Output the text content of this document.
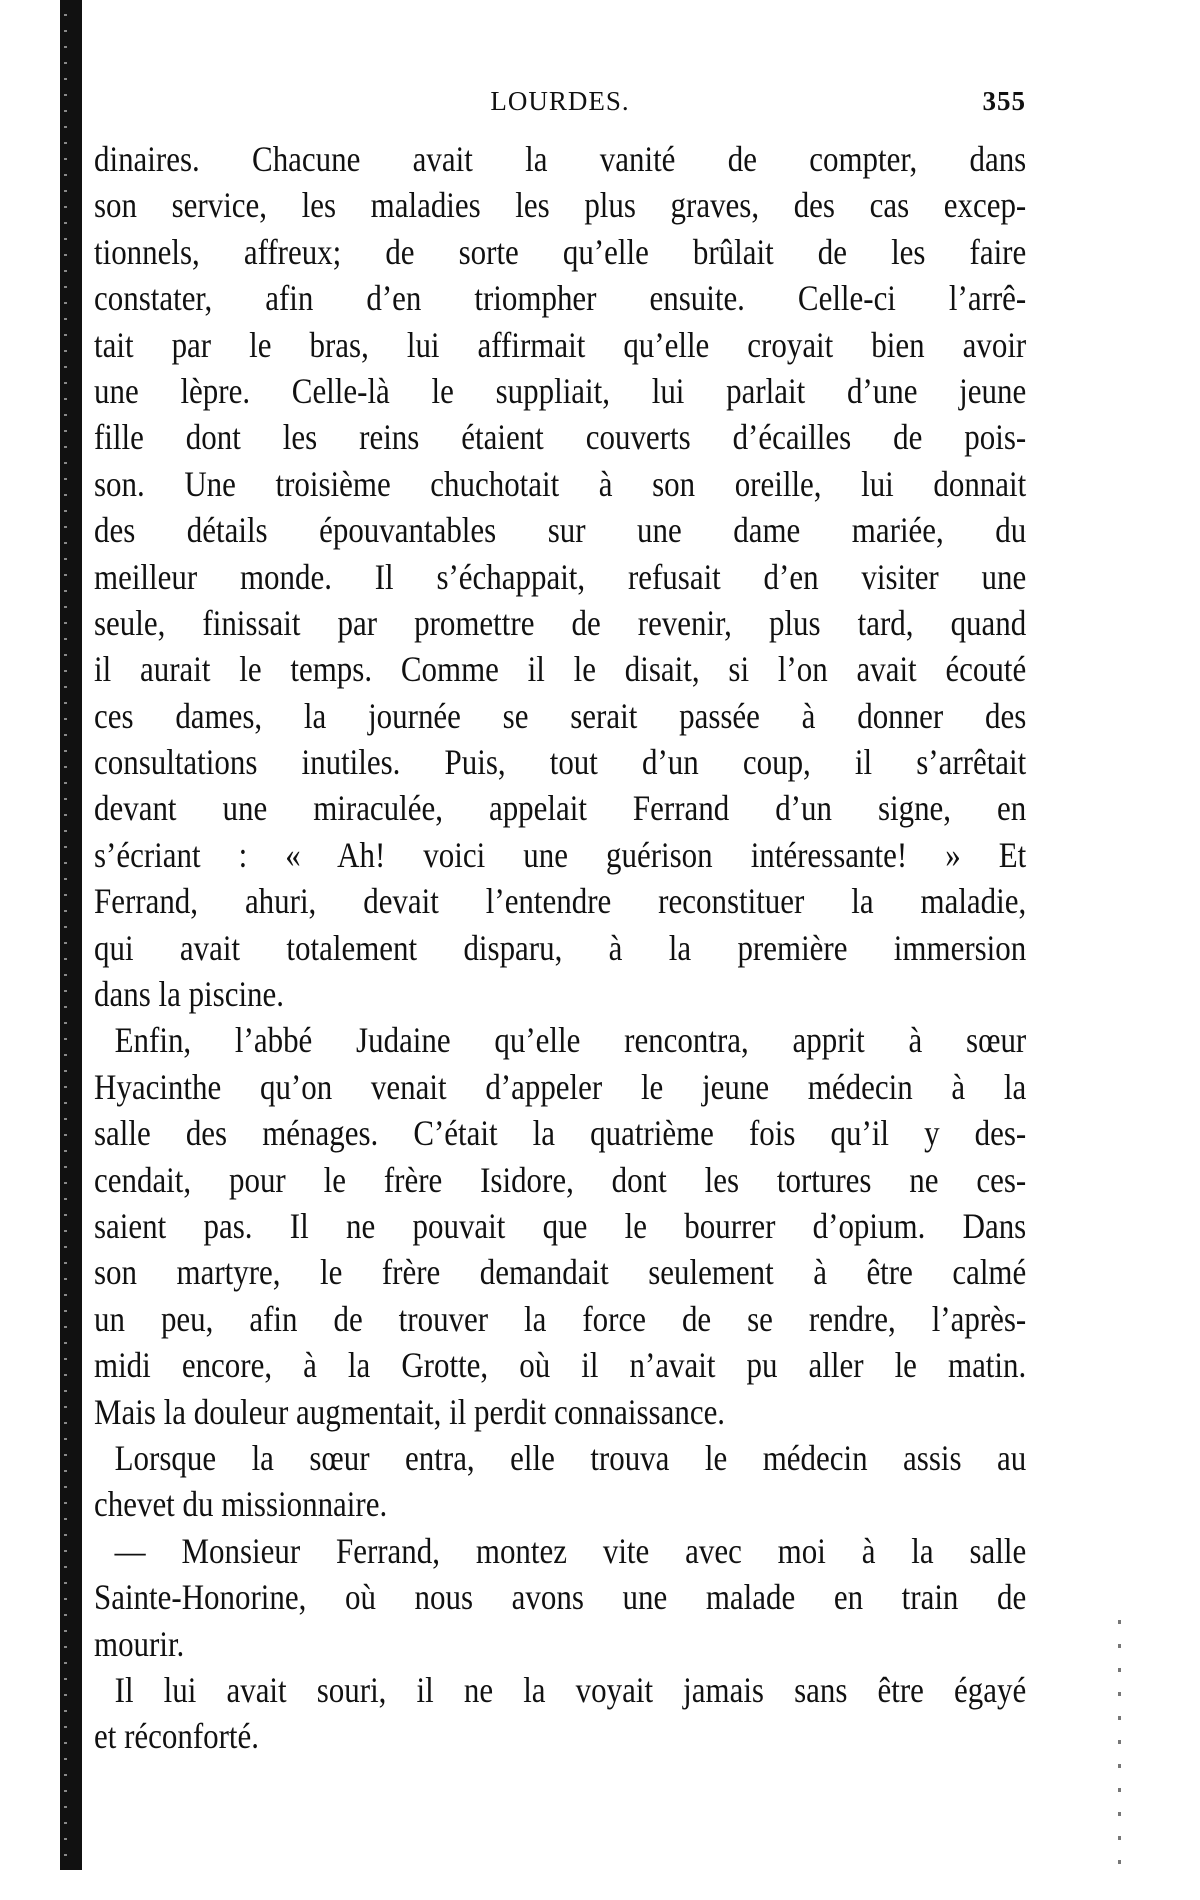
LOURDES.	355
dinaires. Chacune avait la vanité de compter, dans
son service, les maladies les plus graves, des cas excep-
tionnels, affreux; de sorte qu’elle brûlait de les faire
constater, afin d’en triompher ensuite. Celle-ci l’arrê-
tait par le bras, lui affirmait qu’elle croyait bien avoir
une lèpre. Celle-là le suppliait, lui parlait d’une jeune
fille dont les reins étaient couverts d’écailles de pois-
son. Une troisième chuchotait à son oreille, lui donnait
des détails épouvantables sur une dame mariée, du
meilleur monde. Il s’échappait, refusait d’en visiter une
seule, finissait par promettre de revenir, plus tard, quand
il aurait le temps. Comme il le disait, si l’on avait écouté
ces dames, la journée se serait passée à donner des
consultations inutiles. Puis, tout d’un coup, il s’arrêtait
devant une miraculée, appelait Ferrand d’un signe, en
s’écriant : « Ah! voici une guérison intéressante! » Et
Ferrand, ahuri, devait l’entendre reconstituer la maladie,
qui avait totalement disparu, à la première immersion
dans la piscine.
Enfin, l’abbé Judaine qu’elle rencontra, apprit à sœur
Hyacinthe qu’on venait d’appeler le jeune médecin à la
salle des ménages. C’était la quatrième fois qu’il y des-
cendait, pour le frère Isidore, dont les tortures ne ces-
saient pas. Il ne pouvait que le bourrer d’opium. Dans
son martyre, le frère demandait seulement à être calmé
un peu, afin de trouver la force de se rendre, l’après-
midi encore, à la Grotte, où il n’avait pu aller le matin.
Mais la douleur augmentait, il perdit connaissance.
Lorsque la sœur entra, elle trouva le médecin assis au
chevet du missionnaire.
— Monsieur Ferrand, montez vite avec moi à la salle
Sainte-Honorine, où nous avons une malade en train de
mourir.
Il lui avait souri, il ne la voyait jamais sans être égayé
et réconforté.
